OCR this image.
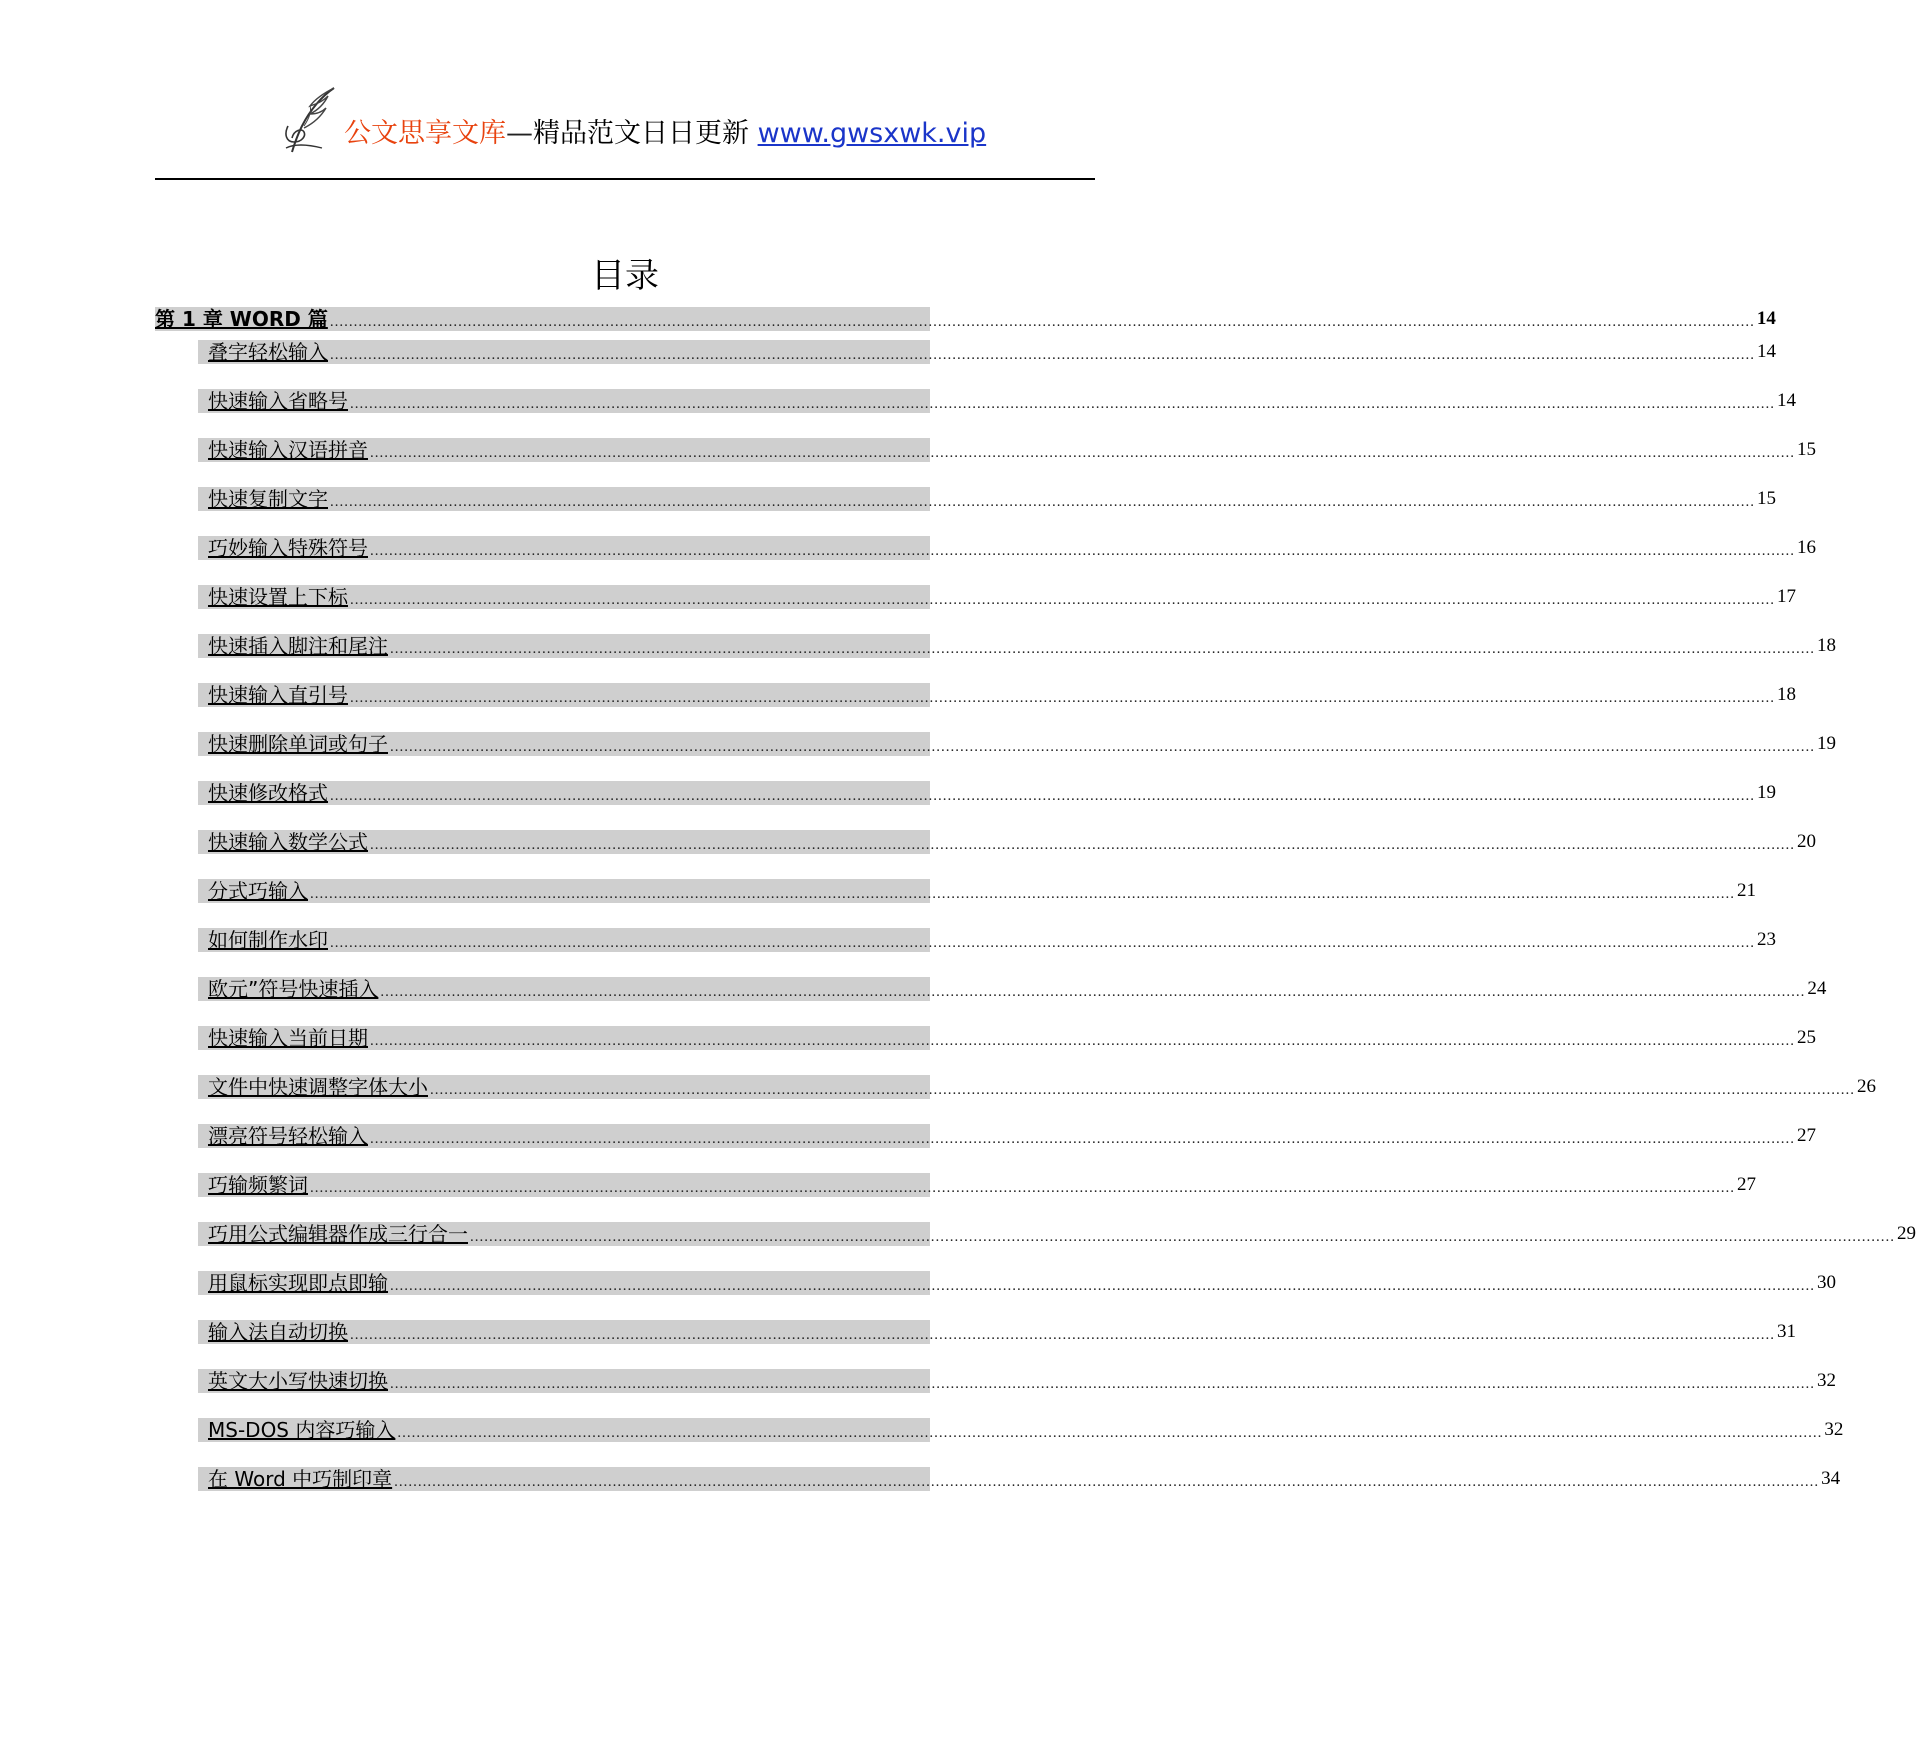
公文思享文库—精品范文日日更新 www.gwsxwk.vip
目录
第 1 章 WORD 篇 ............................................................................................................................................................................................................................................................................................................ 14
叠字轻松输入 ............................................................................................................................................................................................................................................................................................................ 14
快速输入省略号 ............................................................................................................................................................................................................................................................................................................ 14
快速输入汉语拼音 ............................................................................................................................................................................................................................................................................................................ 15
快速复制文字 ............................................................................................................................................................................................................................................................................................................ 15
巧妙输入特殊符号 ............................................................................................................................................................................................................................................................................................................ 16
快速设置上下标 ............................................................................................................................................................................................................................................................................................................ 17
快速插入脚注和尾注 ............................................................................................................................................................................................................................................................................................................ 18
快速输入直引号 ............................................................................................................................................................................................................................................................................................................ 18
快速删除单词或句子 ............................................................................................................................................................................................................................................................................................................ 19
快速修改格式 ............................................................................................................................................................................................................................................................................................................ 19
快速输入数学公式 ............................................................................................................................................................................................................................................................................................................ 20
分式巧输入 ............................................................................................................................................................................................................................................................................................................ 21
如何制作水印 ............................................................................................................................................................................................................................................................................................................ 23
欧元”符号快速插入 ............................................................................................................................................................................................................................................................................................................ 24
快速输入当前日期 ............................................................................................................................................................................................................................................................................................................ 25
文件中快速调整字体大小 ............................................................................................................................................................................................................................................................................................................ 26
漂亮符号轻松输入 ............................................................................................................................................................................................................................................................................................................ 27
巧输频繁词 ............................................................................................................................................................................................................................................................................................................ 27
巧用公式编辑器作成三行合一 ............................................................................................................................................................................................................................................................................................................ 29
用鼠标实现即点即输 ............................................................................................................................................................................................................................................................................................................ 30
输入法自动切换 ............................................................................................................................................................................................................................................................................................................ 31
英文大小写快速切换 ............................................................................................................................................................................................................................................................................................................ 32
MS-DOS 内容巧输入 ............................................................................................................................................................................................................................................................................................................ 32
在 Word 中巧制印章 ............................................................................................................................................................................................................................................................................................................ 34
